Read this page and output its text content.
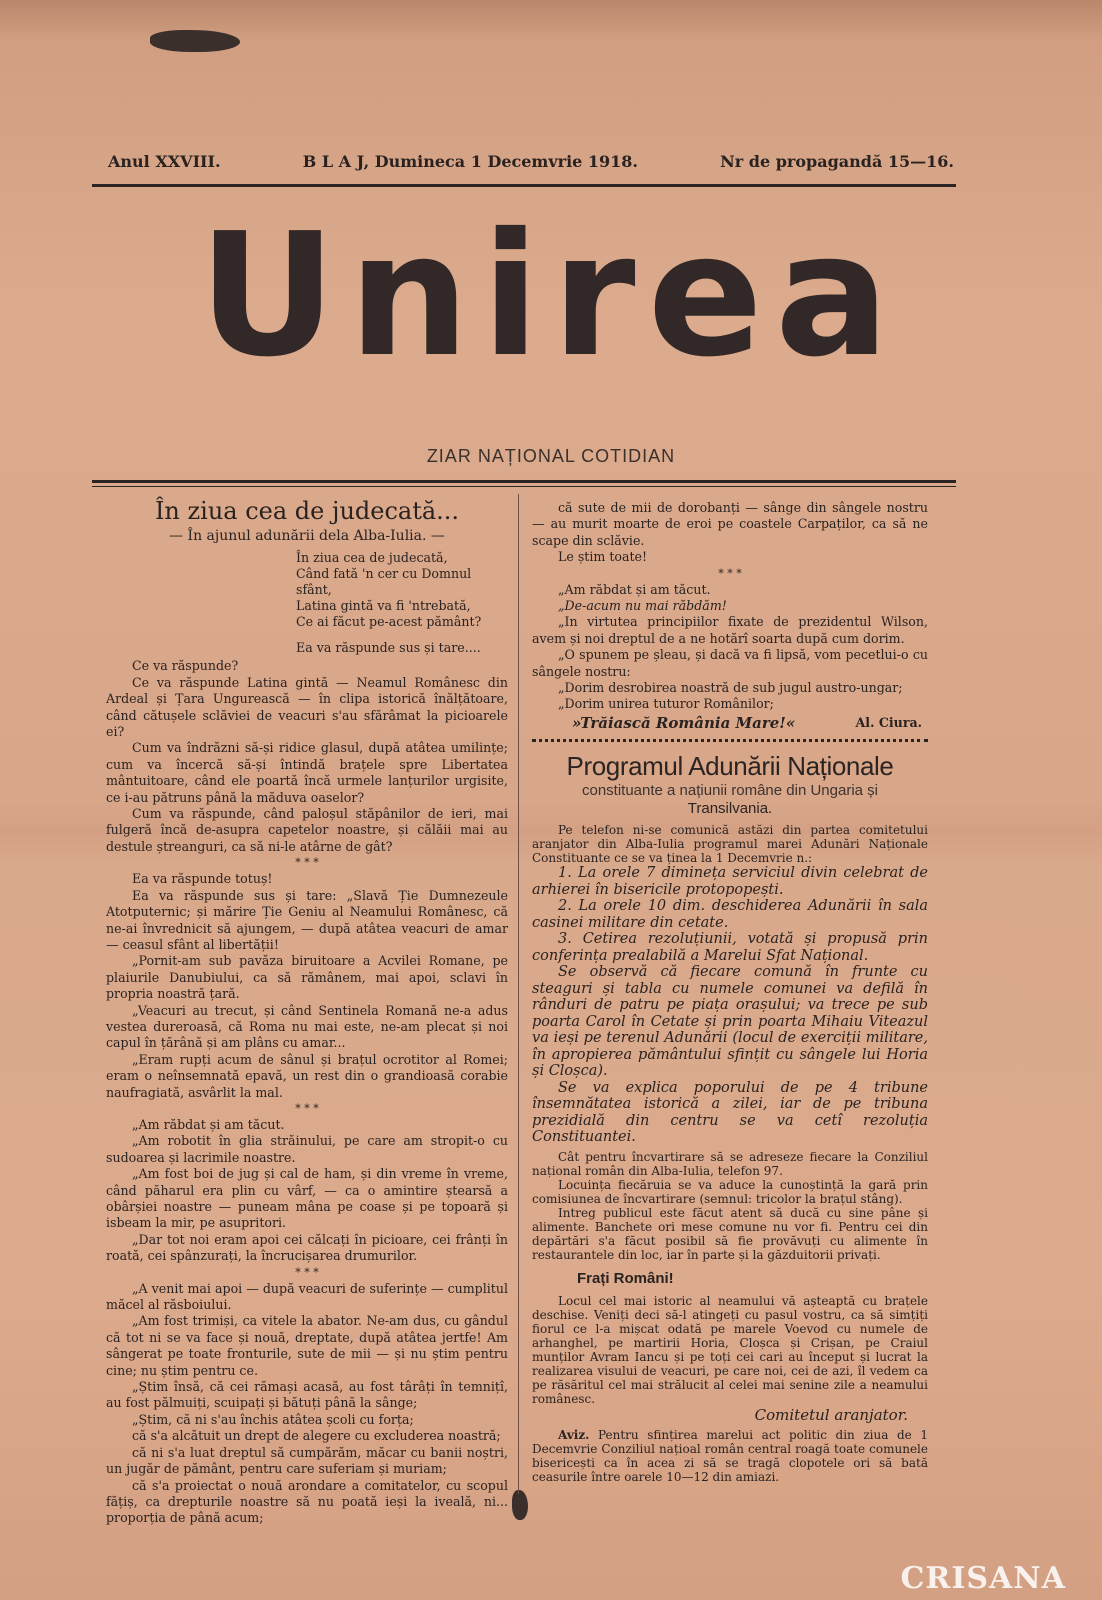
Anul XXVIII.	B L A J, Dumineca 1 Decemvrie 1918.	Nr de propagandă 15—16.
Unirea
ZIAR NAȚIONAL COTIDIAN
În ziua cea de judecată...
— În ajunul adunării dela Alba-Iulia. —
În ziua cea de judecată,
Când fată 'n cer cu Domnul sfânt,
Latina gintă va fi 'ntrebată,
Ce ai făcut pe-acest pământ?
Ea va răspunde sus și tare....

Ce va răspunde?

Ce va răspunde Latina gintă — Neamul Românesc din Ardeal și Țara Ungurească — în clipa istorică înălțătoare, când cătușele sclăviei de veacuri s'au sfărâmat la picioarele ei?

Cum va îndrăzni să-și ridice glasul, după atâtea umilințe; cum va încercă să-și întindă brațele spre Libertatea mântuitoare, când ele poartă încă urmele lanțurilor urgisite, ce i-au pătruns până la măduva oaselor?

Cum va răspunde, când paloșul stăpânilor de ieri, mai fulgeră încă de-asupra capetelor noastre, și călăii mai au destule ștreanguri, ca să ni-le atârne de gât?

* * *

Ea va răspunde totuș!

Ea va răspunde sus și tare: „Slavă Ție Dumnezeule Atotputernic; și mărire Ție Geniu al Neamului Românesc, că ne-ai învrednicit să ajungem, — după atâtea veacuri de amar — ceasul sfânt al libertății!

„Pornit-am sub pavăza biruitoare a Acvilei Romane, pe plaiurile Danubiului, ca să rămânem, mai apoi, sclavi în propria noastră țară.

„Veacuri au trecut, și când Sentinela Romană ne-a adus vestea dureroasă, că Roma nu mai este, ne-am plecat și noi capul în țărână și am plâns cu amar...

„Eram rupți acum de sânul și brațul ocrotitor al Romei; eram o neînsemnată epavă, un rest din o grandioasă corabie naufragiată, asvârlit la mal.

* * *

„Am răbdat și am tăcut.

„Am robotit în glia străinului, pe care am stropit-o cu sudoarea și lacrimile noastre.

„Am fost boi de jug și cal de ham, și din vreme în vreme, când păharul era plin cu vârf, — ca o amintire ștearsă a obârșiei noastre — puneam mâna pe coase și pe topoară și isbeam la mir, pe asupritori.

„Dar tot noi eram apoi cei călcați în picioare, cei frânți în roată, cei spânzurați, la încrucișarea drumurilor.

* * *

„A venit mai apoi — după veacuri de suferințe — cumplitul măcel al răsboiului.

„Am fost trimiși, ca vitele la abator. Ne-am dus, cu gândul că tot ni se va face și nouă, dreptate, după atâtea jertfe! Am sângerat pe toate fronturile, sute de mii — și nu știm pentru cine; nu știm pentru ce.

„Știm însă, că cei rămași acasă, au fost târâți în temnițî, au fost pălmuiți, scuipați și bătuți până la sânge;

„Știm, că ni s'au închis atâtea școli cu forța;

că s'a alcătuit un drept de alegere cu excluderea noastră;

că ni s'a luat dreptul să cumpărăm, măcar cu banii noștri, un jugăr de pământ, pentru care suferiam și muriam;

că s'a proiectat o nouă arondare a comitatelor, cu scopul fățiș, ca drepturile noastre să nu poată ieși la iveală, ni... proporția de până acum;

că sute de mii de dorobanți — sânge din sângele nostru — au murit moarte de eroi pe coastele Carpaților, ca să ne scape din sclăvie.

Le știm toate!

* * *

„Am răbdat și am tăcut.

„De-acum nu mai răbdăm!

„In virtutea principiilor fixate de prezidentul Wilson, avem și noi dreptul de a ne hotărî soarta după cum dorim.

„O spunem pe șleau, și dacă va fi lipsă, vom pecetlui-o cu sângele nostru:

„Dorim desrobirea noastră de sub jugul austro-ungar;

„Dorim unirea tuturor Românilor;

»Trăiască România Mare!«	Al. Ciura.
Programul Adunării Naționale
constituante a națiunii române din Ungaria și
Transilvania.

Pe telefon ni-se comunică astăzi din partea comitetului aranjator din Alba-Iulia programul marei Adunări Naționale Constituante ce se va ținea la 1 Decemvrie n.:

1. La orele 7 dimineța serviciul divin celebrat de arhierei în bisericile protopopești.

2. La orele 10 dim. deschiderea Adunării în sala casinei militare din cetate.

3. Cetirea rezoluțiunii, votată și propusă prin conferința prealabilă a Marelui Sfat Național.

Se observă că fiecare comună în frunte cu steaguri și tabla cu numele comunei va defilă în rânduri de patru pe piața orașului; va trece pe sub poarta Carol în Cetate și prin poarta Mihaiu Viteazul va ieși pe terenul Adunării (locul de exerciții militare, în apropierea pământului sfințit cu sângele lui Horia și Cloșca).

Se va explica poporului de pe 4 tribune însemnătatea istorică a zilei, iar de pe tribuna prezidială din centru se va cetî rezoluția Constituantei.

Cât pentru încvartirare să se adreseze fiecare la Conziliul național român din Alba-Iulia, telefon 97.

Locuința fiecăruia se va aduce la cunoștință la gară prin comisiunea de încvartirare (semnul: tricolor la brațul stâng).

Intreg publicul este făcut atent să ducă cu sine pâne și alimente. Banchete ori mese comune nu vor fi. Pentru cei din depărtări s'a făcut posibil să fie provăvuți cu alimente în restaurantele din loc, iar în parte și la găzduitorii privați.

Frați Români!

Locul cel mai istoric al neamului vă așteaptă cu brațele deschise. Veniți deci să-l atingeți cu pasul vostru, ca să simțiți fiorul ce l-a mișcat odată pe marele Voevod cu numele de arhanghel, pe martirii Horia, Cloșca și Crișan, pe Craiul munților Avram Iancu și pe toți cei cari au început și lucrat la realizarea visului de veacuri, pe care noi, cei de azi, îl vedem ca pe răsăritul cel mai strălucit al celei mai senine zile a neamului românesc.

Comitetul aranjator.

Aviz. Pentru sfințirea marelui act politic din ziua de 1 Decemvrie Conziliul națioal român central roagă toate comunele bisericești ca în acea zi să se tragă clopotele ori să bată ceasurile între oarele 10—12 din amiazi.

CRISANA
